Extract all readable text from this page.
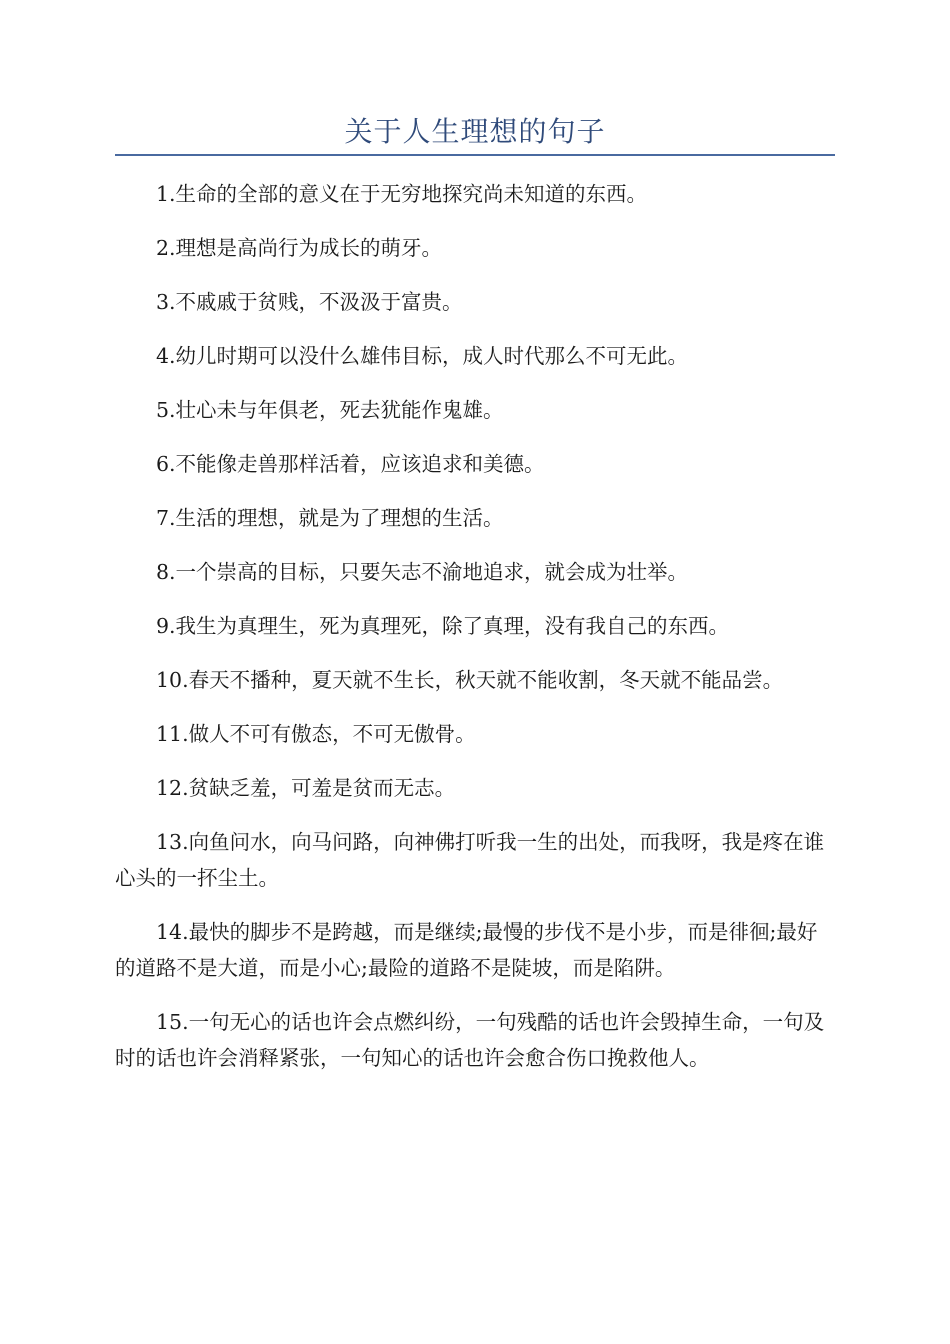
关于人生理想的句子

1.生命的全部的意义在于无穷地探究尚未知道的东西。

2.理想是高尚行为成长的萌牙。

3.不戚戚于贫贱，不汲汲于富贵。

4.幼儿时期可以没什么雄伟目标，成人时代那么不可无此。

5.壮心未与年俱老，死去犹能作鬼雄。

6.不能像走兽那样活着，应该追求和美德。

7.生活的理想，就是为了理想的生活。

8.一个崇高的目标，只要矢志不渝地追求，就会成为壮举。

9.我生为真理生，死为真理死，除了真理，没有我自己的东西。

10.春天不播种，夏天就不生长，秋天就不能收割，冬天就不能品尝。

11.做人不可有傲态，不可无傲骨。

12.贫缺乏羞，可羞是贫而无志。

13.向鱼问水，向马问路，向神佛打听我一生的出处，而我呀，我是疼在谁心头的一抔尘土。

14.最快的脚步不是跨越，而是继续;最慢的步伐不是小步，而是徘徊;最好的道路不是大道，而是小心;最险的道路不是陡坡，而是陷阱。

15.一句无心的话也许会点燃纠纷，一句残酷的话也许会毁掉生命，一句及时的话也许会消释紧张，一句知心的话也许会愈合伤口挽救他人。
